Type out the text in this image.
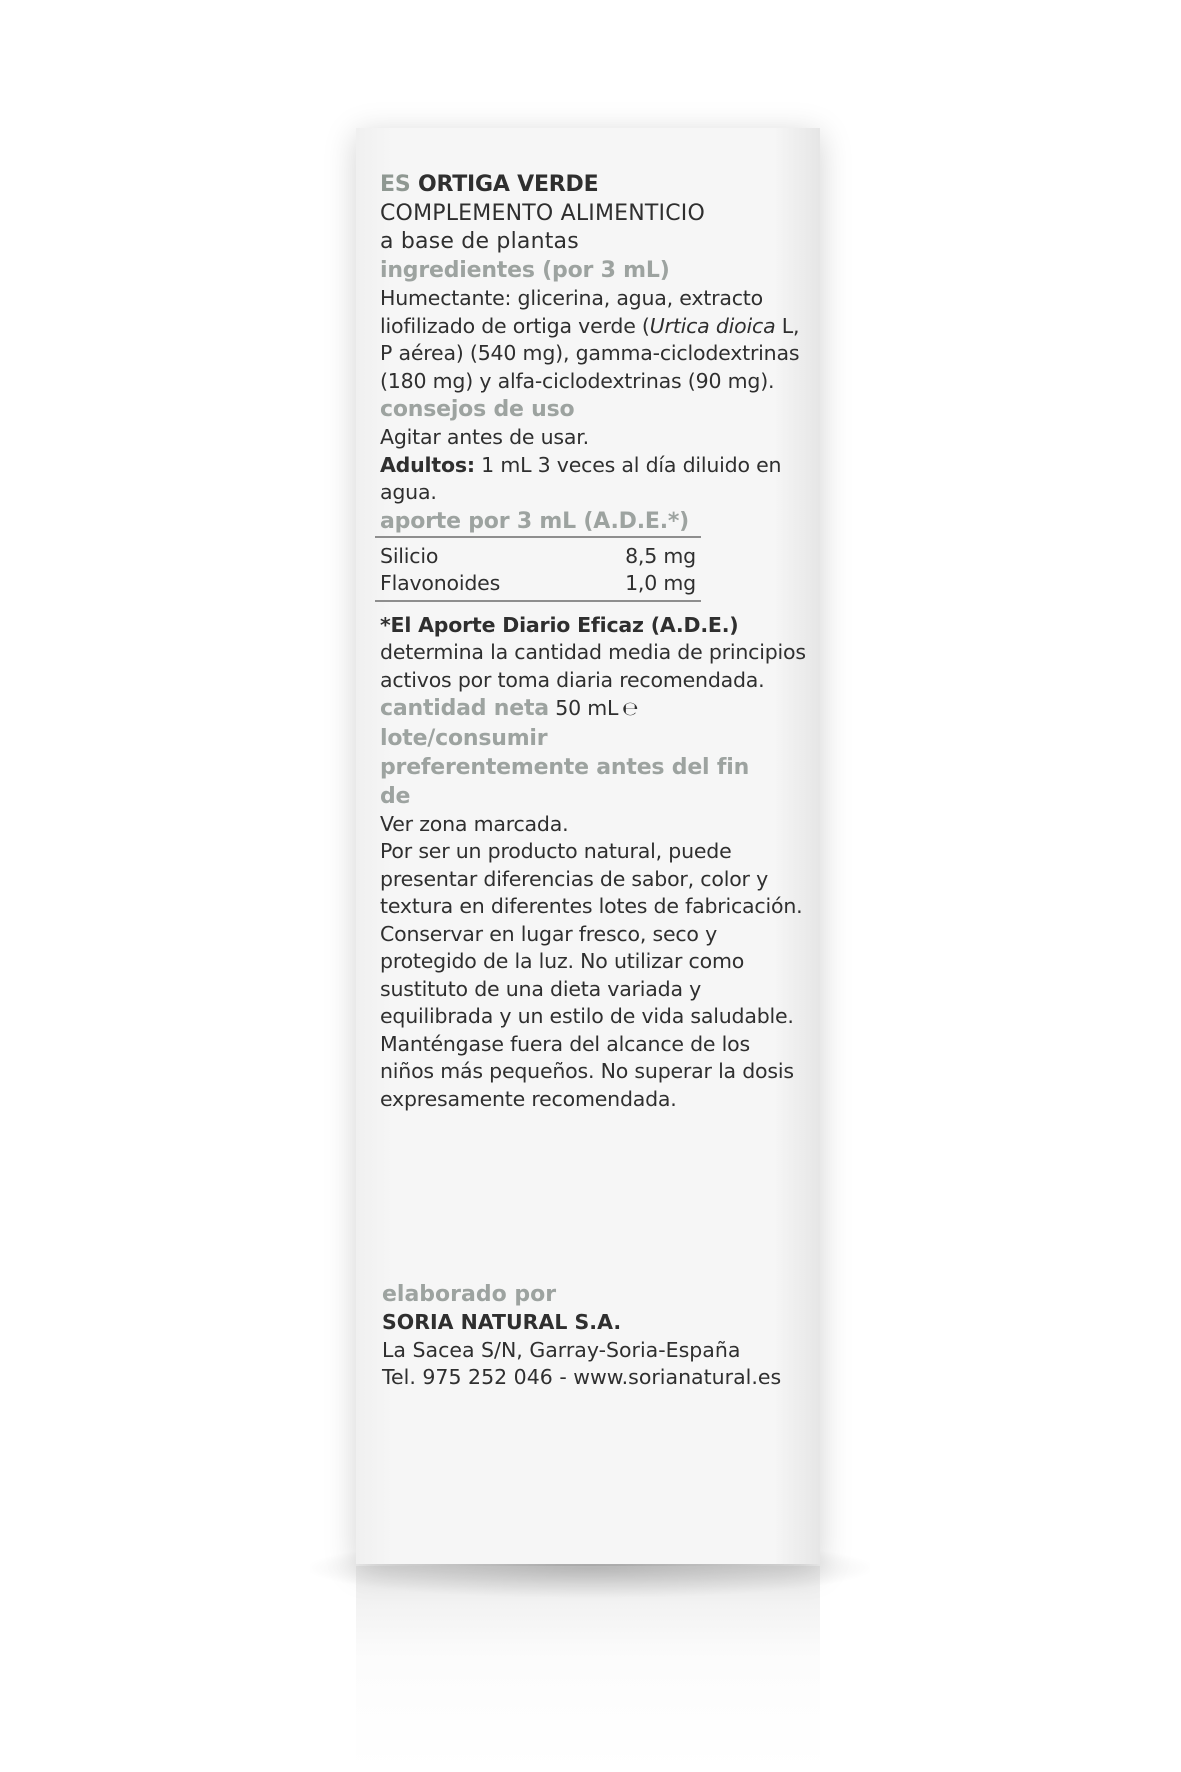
ES ORTIGA VERDE

COMPLEMENTO ALIMENTICIO

a base de plantas

ingredientes (por 3 mL)

Humectante: glicerina, agua, extracto liofilizado de ortiga verde (Urtica dioica L, P aérea) (540 mg), gamma-ciclodextrinas (180 mg) y alfa-ciclodextrinas (90 mg).

consejos de uso

Agitar antes de usar.

Adultos: 1 mL 3 veces al día diluido en agua.

aporte por 3 mL (A.D.E.*)

Silicio	8,5 mg
Flavonoides	1,0 mg

*El Aporte Diario Eficaz (A.D.E.) determina la cantidad media de principios activos por toma diaria recomendada.

cantidad neta 50 mL ℮

lote/consumir preferentemente antes del fin de

Ver zona marcada.

Por ser un producto natural, puede presentar diferencias de sabor, color y textura en diferentes lotes de fabricación. Conservar en lugar fresco, seco y protegido de la luz. No utilizar como sustituto de una dieta variada y equilibrada y un estilo de vida saludable. Manténgase fuera del alcance de los niños más pequeños. No superar la dosis expresamente recomendada.

elaborado por

SORIA NATURAL S.A.

La Sacea S/N, Garray-Soria-España

Tel. 975 252 046 - www.sorianatural.es
